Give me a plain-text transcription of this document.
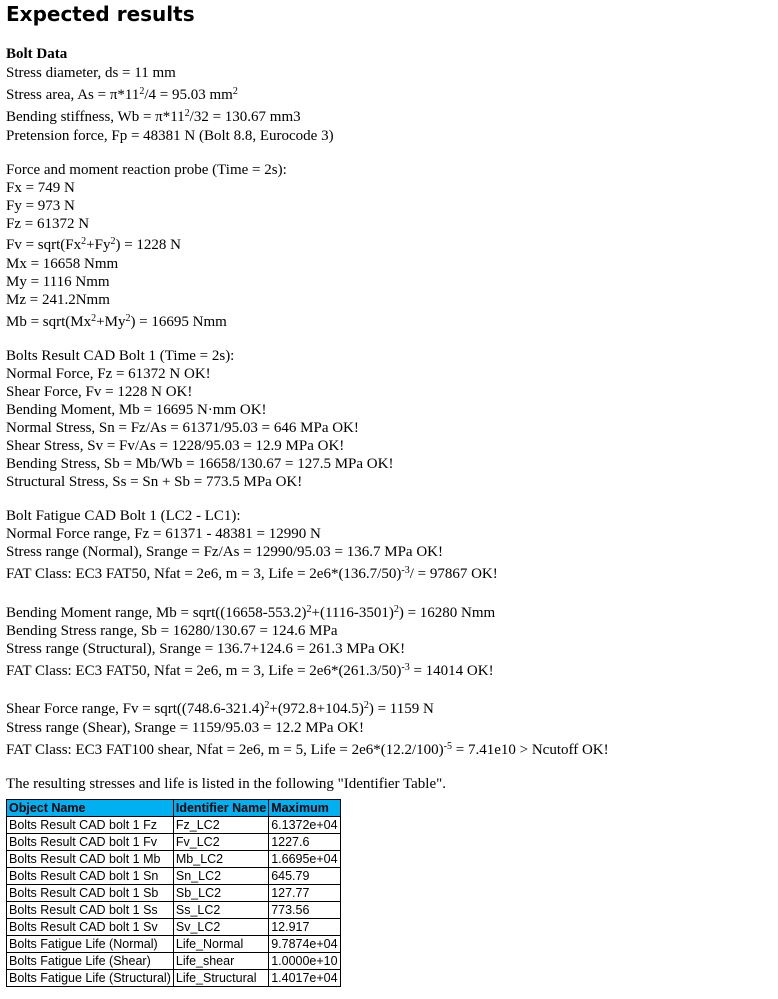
Expected results
Bolt Data
Stress diameter, ds = 11 mm
Stress area, $As = \pi*11^2/4 = 95.03$ $mm^2$
Bending stiffness, $Wb = \pi*11^2/32 = 130.67$ mm3
Pretension force, Fp = 48381 N (Bolt 8.8, Eurocode 3)
Force and moment reaction probe (Time = 2s):
Fx = 749 N
Fy = 973 N
Fz = 61372 N
$Fv = sqrt(Fx^2+Fy^2) = 1228$ N
Mx = 16658 Nmm
My = 1116 Nmm
Mz = 241.2Nmm
$Mb = sqrt(Mx^2+My^2) = 16695$ Nmm
Bolts Result CAD Bolt 1 (Time = 2s):
Normal Force, Fz = 61372 N OK!
Shear Force, Fv = 1228 N OK!
Bending Moment, Mb = 16695 N·mm OK!
Normal Stress, Sn = Fz/As = 61371/95.03 = 646 MPa OK!
Shear Stress, Sv = Fv/As = 1228/95.03 = 12.9 MPa OK!
Bending Stress, Sb = Mb/Wb = 16658/130.67 = 127.5 MPa OK!
Structural Stress, Ss = Sn + Sb = 773.5 MPa OK!
Bolt Fatigue CAD Bolt 1 (LC2 - LC1):
Normal Force range, Fz = 61371 - 48381 = 12990 N
Stress range (Normal), Srange = Fz/As = 12990/95.03 = 136.7 MPa OK!
FAT Class: EC3 FAT50, Nfat = 2e6, m = 3, Life = $2e6*(136.7/50)^{-3}/ = 97867$ OK!
Bending Moment range, $Mb = sqrt((16658-553.2)^2+(1116-3501)^2) = 16280$ Nmm
Bending Stress range, Sb = 16280/130.67 = 124.6 MPa
Stress range (Structural), Srange = 136.7+124.6 = 261.3 MPa OK!
FAT Class: EC3 FAT50, Nfat = 2e6, m = 3, Life = $2e6*(261.3/50)^{-3} = 14014$ OK!
Shear Force range, $Fv = sqrt((748.6-321.4)^2+(972.8+104.5)^2) = 1159$ N
Stress range (Shear), Srange = 1159/95.03 = 12.2 MPa OK!
FAT Class: EC3 FAT100 shear, Nfat = 2e6, m = 5, Life = $2e6*(12.2/100)^{-5} = 7.41e10$ > Ncutoff OK!
The resulting stresses and life is listed in the following "Identifier Table".
Object Name	Identifier Name	Maximum
Bolts Result CAD bolt 1 Fz	Fz_LC2	6.1372e+04
Bolts Result CAD bolt 1 Fv	Fv_LC2	1227.6
Bolts Result CAD bolt 1 Mb	Mb_LC2	1.6695e+04
Bolts Result CAD bolt 1 Sn	Sn_LC2	645.79
Bolts Result CAD bolt 1 Sb	Sb_LC2	127.77
Bolts Result CAD bolt 1 Ss	Ss_LC2	773.56
Bolts Result CAD bolt 1 Sv	Sv_LC2	12.917
Bolts Fatigue Life (Normal)	Life_Normal	9.7874e+04
Bolts Fatigue Life (Shear)	Life_shear	1.0000e+10
Bolts Fatigue Life (Structural)	Life_Structural	1.4017e+04
